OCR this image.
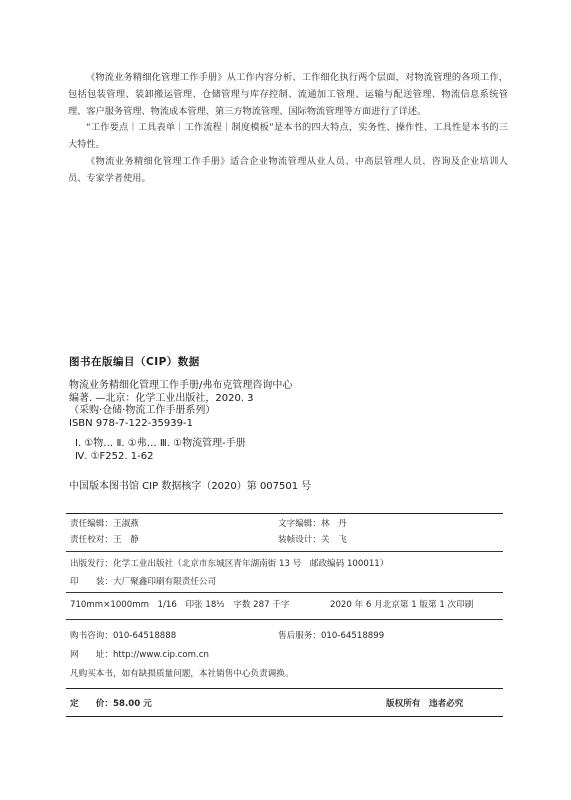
《物流业务精细化管理工作手册》从工作内容分析、工作细化执行两个层面，对物流管理的各项工作，包括包装管理、装卸搬运管理、仓储管理与库存控制、流通加工管理、运输与配送管理、物流信息系统管理、客户服务管理、物流成本管理、第三方物流管理、国际物流管理等方面进行了详述。

“工作要点｜工具表单｜工作流程｜制度模板”是本书的四大特点，实务性、操作性、工具性是本书的三大特性。

《物流业务精细化管理工作手册》适合企业物流管理从业人员、中高层管理人员、咨询及企业培训人员、专家学者使用。

图书在版编目（CIP）数据
物流业务精细化管理工作手册/弗布克管理咨询中心
编著. —北京：化学工业出版社，2020. 3
（采购·仓储·物流工作手册系列）
ISBN 978-7-122-35939-1
Ⅰ. ①物… Ⅱ. ①弗… Ⅲ. ①物流管理-手册
Ⅳ. ①F252. 1-62
中国版本图书馆 CIP 数据核字（2020）第 007501 号
责任编辑：王淑燕	文字编辑：林　丹
责任校对：王　静	装帧设计：关　飞
出版发行：化学工业出版社（北京市东城区青年湖南街 13 号　邮政编码 100011）
印　　装：大厂聚鑫印刷有限责任公司
710mm×1000mm　1/16　印张 18½　字数 287 千字	2020 年 6 月北京第 1 版第 1 次印刷
购书咨询：010-64518888	售后服务：010-64518899
网　　址：http://www.cip.com.cn
凡购买本书，如有缺损质量问题，本社销售中心负责调换。
定　　价：58.00 元	版权所有　违者必究
